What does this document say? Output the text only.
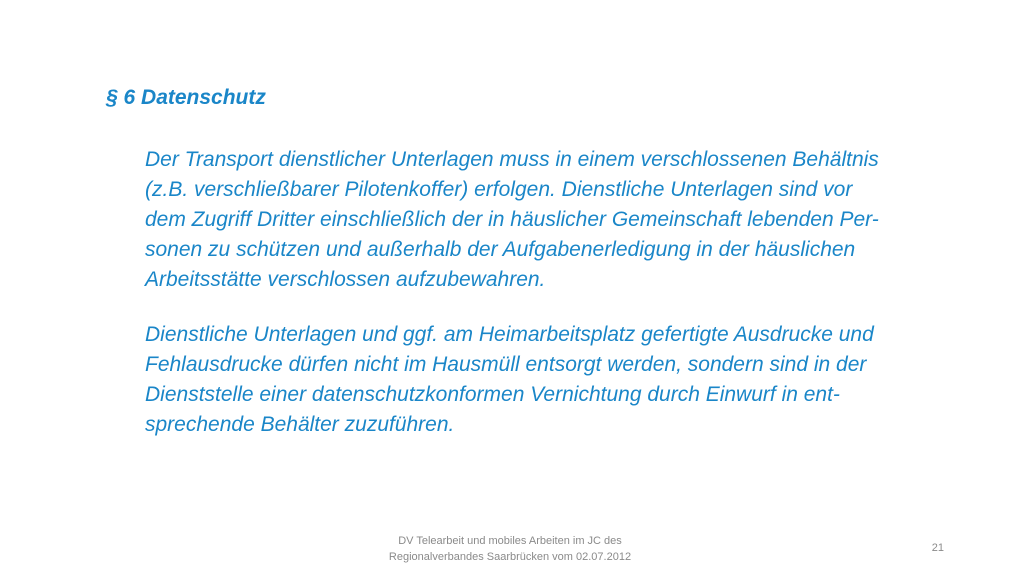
§ 6 Datenschutz
Der Transport dienstlicher Unterlagen muss in einem verschlossenen Behältnis
(z.B. verschließbarer Pilotenkoffer) erfolgen. Dienstliche Unterlagen sind vor
dem Zugriff Dritter einschließlich der in häuslicher Gemeinschaft lebenden Per-
sonen zu schützen und außerhalb der Aufgabenerledigung in der häuslichen
Arbeitsstätte verschlossen aufzubewahren.
Dienstliche Unterlagen und ggf. am Heimarbeitsplatz gefertigte Ausdrucke und
Fehlausdrucke dürfen nicht im Hausmüll entsorgt werden, sondern sind in der
Dienststelle einer datenschutzkonformen Vernichtung durch Einwurf in ent-
sprechende Behälter zuzuführen.
DV Telearbeit und mobiles Arbeiten im JC des
Regionalverbandes Saarbrücken vom 02.07.2012
21
